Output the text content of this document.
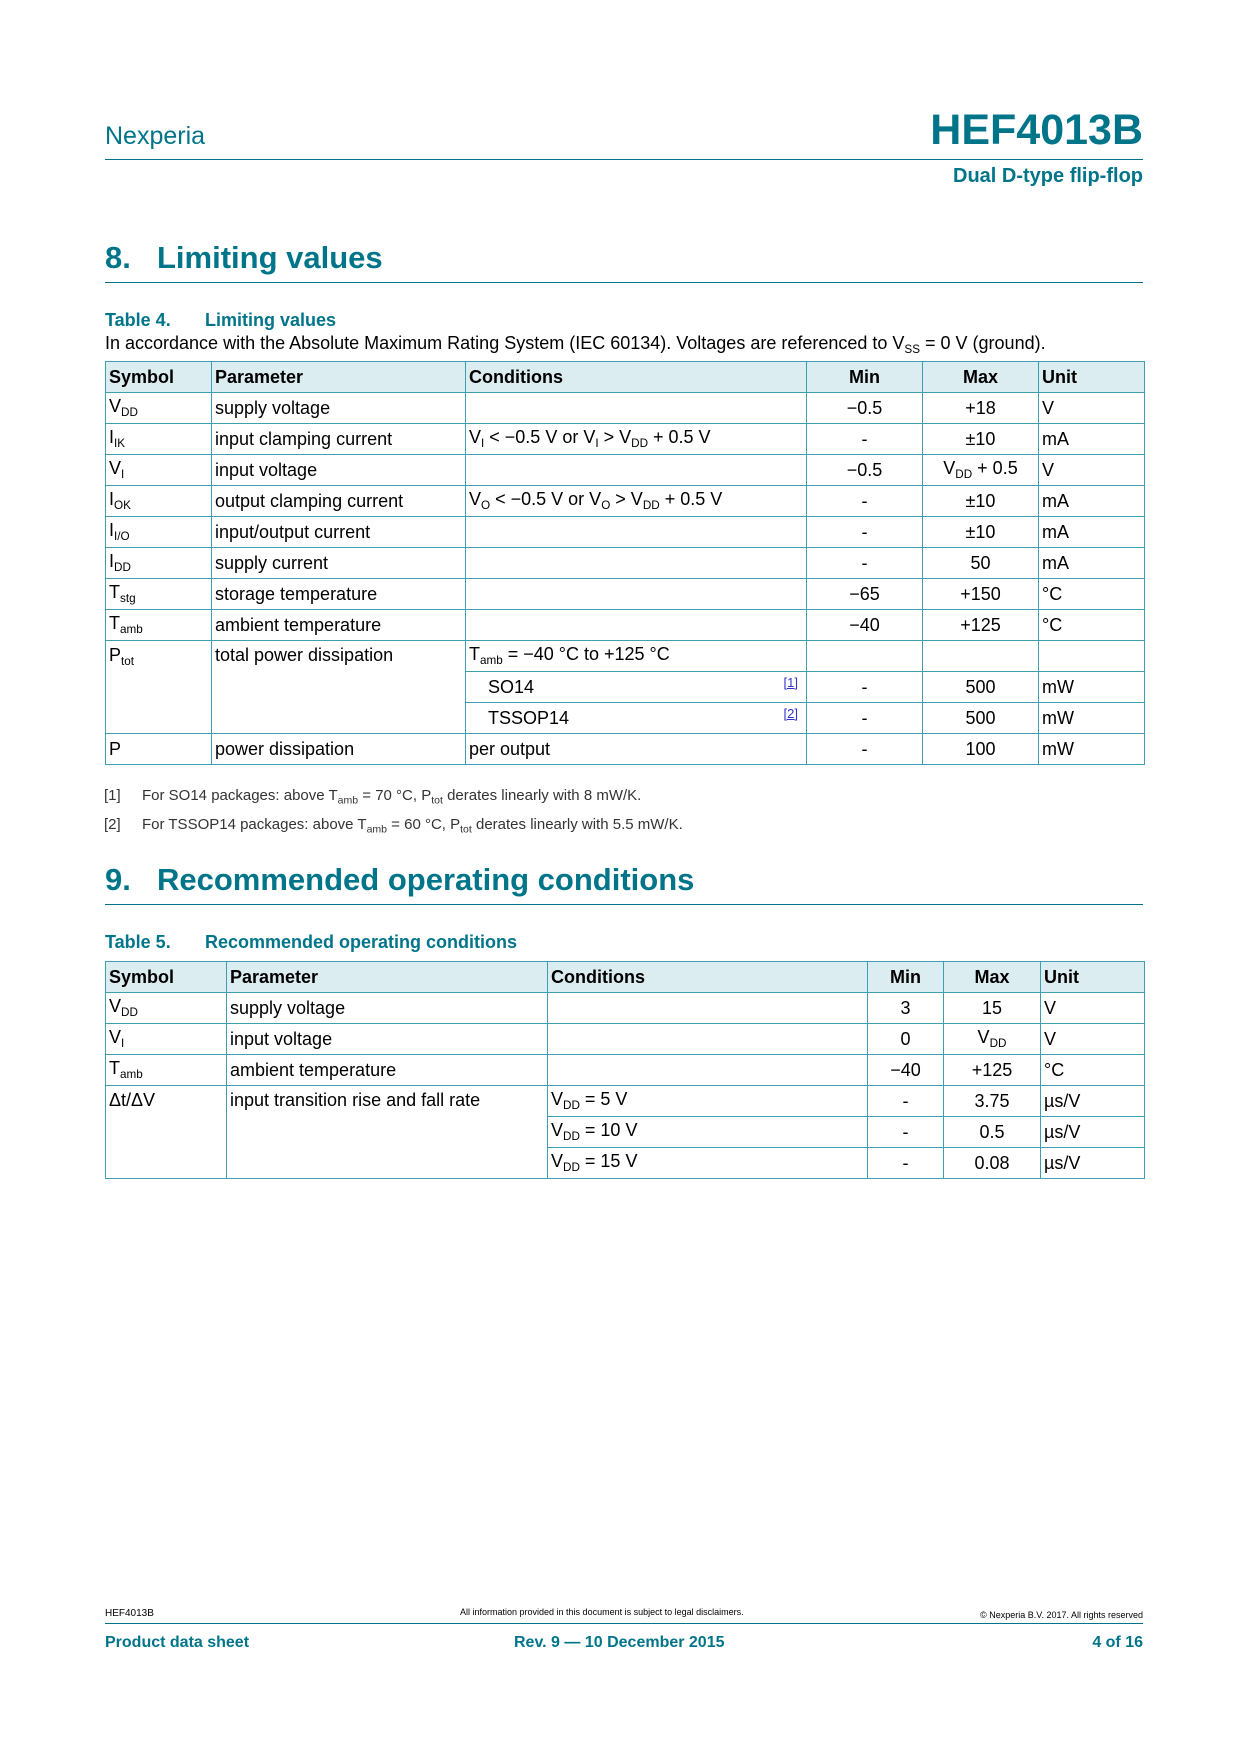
Nexperia	HEF4013B
Dual D-type flip-flop
8. Limiting values
Table 4. Limiting values
In accordance with the Absolute Maximum Rating System (IEC 60134). Voltages are referenced to $V_{SS} = 0$ V (ground).
Symbol	Parameter	Conditions	Min	Max	Unit
$V_{DD}$	supply voltage		−0.5	+18	V
$I_{IK}$	input clamping current	$V_I < -0.5$ V or $V_I > V_{DD} + 0.5$ V	-	±10	mA
$V_I$	input voltage		−0.5	$V_{DD} + 0.5$	V
$I_{OK}$	output clamping current	$V_O < -0.5$ V or $V_O > V_{DD} + 0.5$ V	-	±10	mA
$I_{I/O}$	input/output current		-	±10	mA
$I_{DD}$	supply current		-	50	mA
$T_{stg}$	storage temperature		−65	+150	°C
$T_{amb}$	ambient temperature		−40	+125	°C
$P_{tot}$	total power dissipation	$T_{amb} = -40$ °C to +125 °C			
		SO14 [1]	-	500	mW
		TSSOP14 [2]	-	500	mW
P	power dissipation	per output	-	100	mW
[1] For SO14 packages: above $T_{amb} = 70$ °C, $P_{tot}$ derates linearly with 8 mW/K.
[2] For TSSOP14 packages: above $T_{amb} = 60$ °C, $P_{tot}$ derates linearly with 5.5 mW/K.
9. Recommended operating conditions
Table 5. Recommended operating conditions
Symbol	Parameter	Conditions	Min	Max	Unit
$V_{DD}$	supply voltage		3	15	V
$V_I$	input voltage		0	$V_{DD}$	V
$T_{amb}$	ambient temperature		−40	+125	°C
Δt/ΔV	input transition rise and fall rate	$V_{DD} = 5$ V	-	3.75	µs/V
		$V_{DD} = 10$ V	-	0.5	µs/V
		$V_{DD} = 15$ V	-	0.08	µs/V
HEF4013B	All information provided in this document is subject to legal disclaimers.	© Nexperia B.V. 2017. All rights reserved
Product data sheet	Rev. 9 — 10 December 2015	4 of 16
